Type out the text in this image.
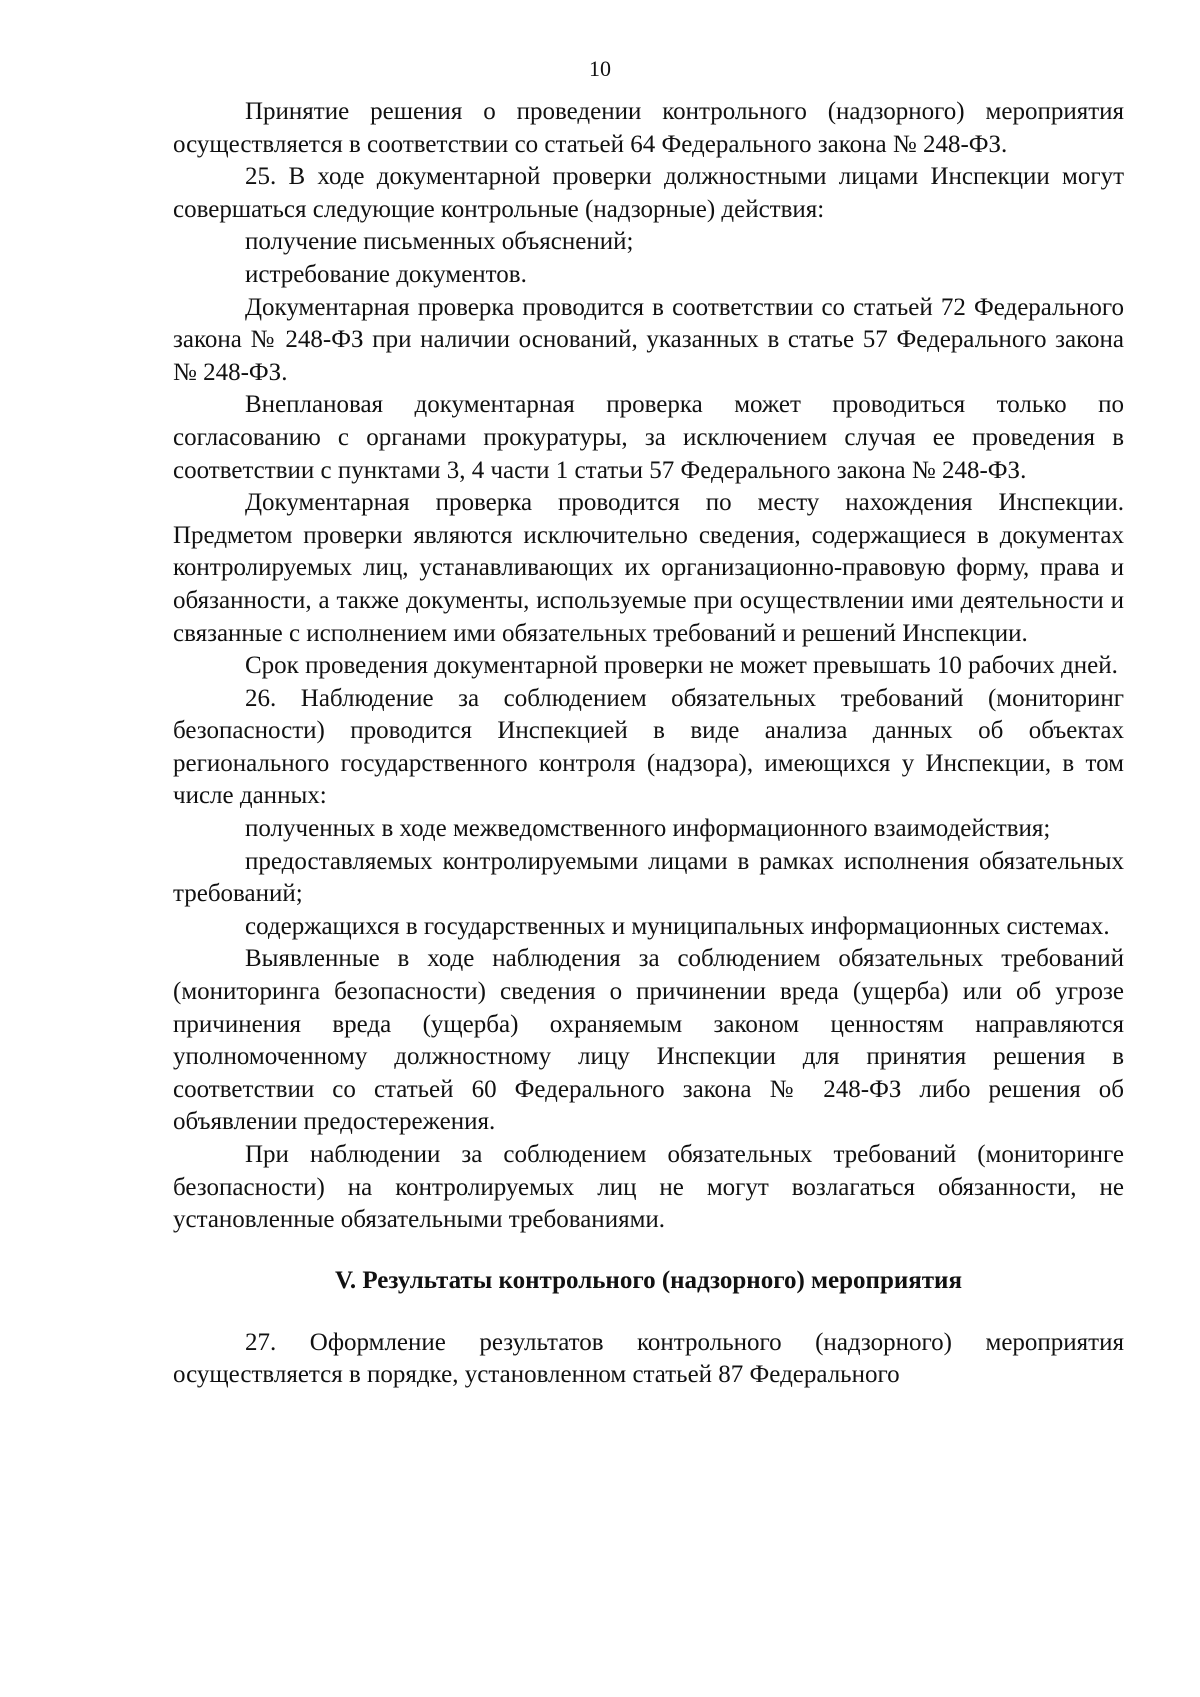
10

Принятие решения о проведении контрольного (надзорного) мероприятия осуществляется в соответствии со статьей 64 Федерального закона № 248-ФЗ.

25. В ходе документарной проверки должностными лицами Инспекции могут совершаться следующие контрольные (надзорные) действия:

получение письменных объяснений;

истребование документов.

Документарная проверка проводится в соответствии со статьей 72 Федерального закона № 248-ФЗ при наличии оснований, указанных в статье 57 Федерального закона № 248-ФЗ.

Внеплановая документарная проверка может проводиться только по согласованию с органами прокуратуры, за исключением случая ее проведения в соответствии с пунктами 3, 4 части 1 статьи 57 Федерального закона № 248-ФЗ.

Документарная проверка проводится по месту нахождения Инспекции. Предметом проверки являются исключительно сведения, содержащиеся в документах контролируемых лиц, устанавливающих их организационно-правовую форму, права и обязанности, а также документы, используемые при осуществлении ими деятельности и связанные с исполнением ими обязательных требований и решений Инспекции.

Срок проведения документарной проверки не может превышать 10 рабочих дней.

26. Наблюдение за соблюдением обязательных требований (мониторинг безопасности) проводится Инспекцией в виде анализа данных об объектах регионального государственного контроля (надзора), имеющихся у Инспекции, в том числе данных:

полученных в ходе межведомственного информационного взаимодействия;

предоставляемых контролируемыми лицами в рамках исполнения обязательных требований;

содержащихся в государственных и муниципальных информационных системах.

Выявленные в ходе наблюдения за соблюдением обязательных требований (мониторинга безопасности) сведения о причинении вреда (ущерба) или об угрозе причинения вреда (ущерба) охраняемым законом ценностям направляются уполномоченному должностному лицу Инспекции для принятия решения в соответствии со статьей 60 Федерального закона № 248-ФЗ либо решения об объявлении предостережения.

При наблюдении за соблюдением обязательных требований (мониторинге безопасности) на контролируемых лиц не могут возлагаться обязанности, не установленные обязательными требованиями.

V. Результаты контрольного (надзорного) мероприятия

27. Оформление результатов контрольного (надзорного) мероприятия осуществляется в порядке, установленном статьей 87 Федерального
